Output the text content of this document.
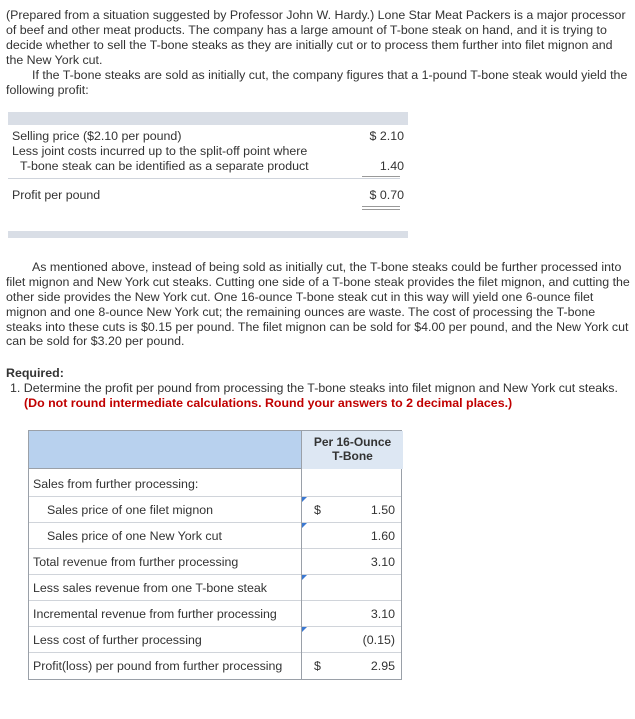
(Prepared from a situation suggested by Professor John W. Hardy.) Lone Star Meat Packers is a major processor of beef and other meat products. The company has a large amount of T-bone steak on hand, and it is trying to decide whether to sell the T-bone steaks as they are initially cut or to process them further into filet mignon and the New York cut.

If the T-bone steaks are sold as initially cut, the company figures that a 1-pound T-bone steak would yield the following profit:

Selling price ($2.10 per pound)	$ 2.10
Less joint costs incurred up to the split-off point where
T-bone steak can be identified as a separate product	1.40
Profit per pound	$ 0.70

As mentioned above, instead of being sold as initially cut, the T-bone steaks could be further processed into filet mignon and New York cut steaks. Cutting one side of a T-bone steak provides the filet mignon, and cutting the other side provides the New York cut. One 16-ounce T-bone steak cut in this way will yield one 6-ounce filet mignon and one 8-ounce New York cut; the remaining ounces are waste. The cost of processing the T-bone steaks into these cuts is $0.15 per pound. The filet mignon can be sold for $4.00 per pound, and the New York cut can be sold for $3.20 per pound.

Required:
1. Determine the profit per pound from processing the T-bone steaks into filet mignon and New York cut steaks. (Do not round intermediate calculations. Round your answers to 2 decimal places.)
Per 16-Ounce
T-Bone
Sales from further processing:
Sales price of one filet mignon	$	1.50
Sales price of one New York cut	1.60
Total revenue from further processing	3.10
Less sales revenue from one T-bone steak
Incremental revenue from further processing	3.10
Less cost of further processing	(0.15)
Profit(loss) per pound from further processing	$	2.95
